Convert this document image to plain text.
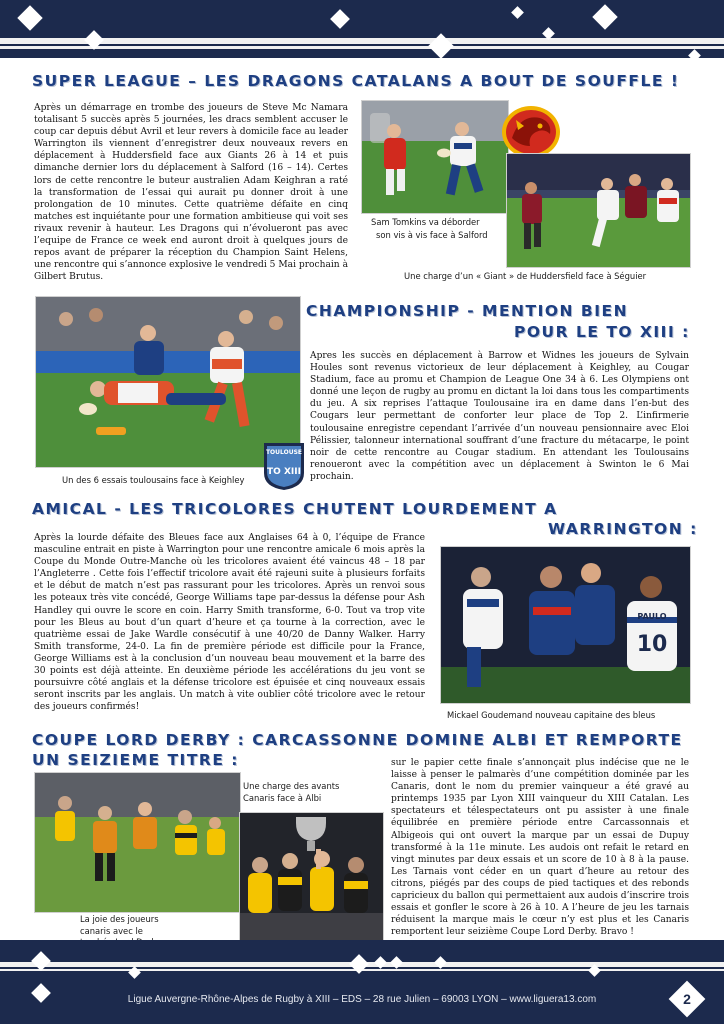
SUPER LEAGUE – LES DRAGONS CATALANS A BOUT DE SOUFFLE !
Après un démarrage en trombe des joueurs de Steve Mc Namara totalisant 5 succès après 5 journées, les dracs semblent accuser le coup car depuis début Avril et leur revers à domicile face au leader Warrington ils viennent d’enregistrer deux nouveaux revers en déplacement à Huddersfield face aux Giants 26 à 14 et puis dimanche dernier lors du déplacement à Salford (16 – 14). Certes lors de cette rencontre le buteur australien Adam Keighran a raté la transformation de l’essai qui aurait pu donner droit à une prolongation de 10 minutes. Cette quatrième défaite en cinq matches est inquiétante pour une formation ambitieuse qui voit ses rivaux revenir à hauteur. Les Dragons qui n’évolueront pas avec l’equipe de France ce week end auront droit à quelques jours de repos avant de préparer la réception du Champion Saint Helens, une rencontre qui s’annonce explosive le vendredi 5 Mai prochain à Gilbert Brutus.
Sam Tomkins va déborder
son vis à vis face à Salford
Une charge d’un « Giant » de Huddersfield face à Séguier
TOULOUSE
TO XIII
Un des 6 essais toulousains face à Keighley
CHAMPIONSHIP - MENTION BIEN
POUR LE TO XIII :
Apres les succès en déplacement à Barrow et Widnes les joueurs de Sylvain Houles sont revenus victorieux de leur déplacement à Keighley, au Cougar Stadium, face au promu et Champion de League One 34 à 6. Les Olympiens ont donné une leçon de rugby au promu en dictant la loi dans tous les compartiments du jeu. A six reprises l’attaque Toulousaine ira en dame dans l’en-but des Cougars leur permettant de conforter leur place de Top 2. L’infirmerie toulousaine enregistre cependant l’arrivée d’un nouveau pensionnaire avec Eloi Pélissier, talonneur international souffrant d’une fracture du métacarpe, le point noir de cette rencontre au Cougar stadium. En attendant les Toulousains renoueront avec la compétition avec un déplacement à Swinton le 6 Mai prochain.
AMICAL - LES TRICOLORES CHUTENT LOURDEMENT A
WARRINGTON :
Après la lourde défaite des Bleues face aux Anglaises 64 à 0, l’équipe de France masculine entrait en piste à Warrington pour une rencontre amicale 6 mois après la Coupe du Monde Outre-Manche où les tricolores avaient été vaincus 48 – 18 par l’Angleterre . Cette fois l’effectif tricolore avait été rajeuni suite à plusieurs forfaits et le début de match n’est pas rassurant pour les tricolores. Après un renvoi sous les poteaux très vite concédé, George Williams tape par-dessus la défense pour Ash Handley qui ouvre le score en coin. Harry Smith transforme, 6-0. Tout va trop vite pour les Bleus au bout d’un quart d’heure et ça tourne à la correction, avec le quatrième essai de Jake Wardle consécutif à une 40/20 de Danny Walker. Harry Smith transforme, 24-0. La fin de première période est difficile pour la France, George Williams est à la conclusion d’un nouveau beau mouvement et la barre des 30 points est déjà atteinte. En deuxième période les accélérations du jeu vont se poursuivre côté anglais et la défense tricolore est épuisée et cinq nouveaux essais seront inscrits par les anglais. Un match à vite oublier côté tricolore avec le retour des joueurs confirmés!
PAULO
10
Mickael Goudemand nouveau capitaine des bleus
COUPE LORD DERBY : CARCASSONNE DOMINE ALBI ET REMPORTE
UN SEIZIEME TITRE :
Une charge des avants
Canaris face à Albi
La joie des joueurs
canaris avec le
sur le papier cette finale s’annonçait plus indécise que ne le laisse à penser le palmarès d’une compétition dominée par les Canaris, dont le nom du premier vainqueur a été gravé au printemps 1935 par Lyon XIII vainqueur du XIII Catalan. Les spectateurs et télespectateurs ont pu assister à une finale équilibrée en première période entre Carcassonnais et Albigeois qui ont ouvert la marque par un essai de Dupuy transformé à la 11e minute. Les audois ont refait le retard en vingt minutes par deux essais et un score de 10 à 8 à la pause. Les Tarnais vont céder en un quart d’heure au retour des citrons, piégés par des coups de pied tactiques et des rebonds capricieux du ballon qui permettaient aux audois d’inscrire trois essais et gonfler le score à 26 à 10. A l’heure de jeu les tarnais réduisent la marque mais le cœur n’y est plus et les Canaris remportent leur seizième Coupe Lord Derby. Bravo !
Ligue Auvergne-Rhône-Alpes de Rugby à XIII – EDS – 28 rue Julien – 69003 LYON – www.liguera13.com	2
